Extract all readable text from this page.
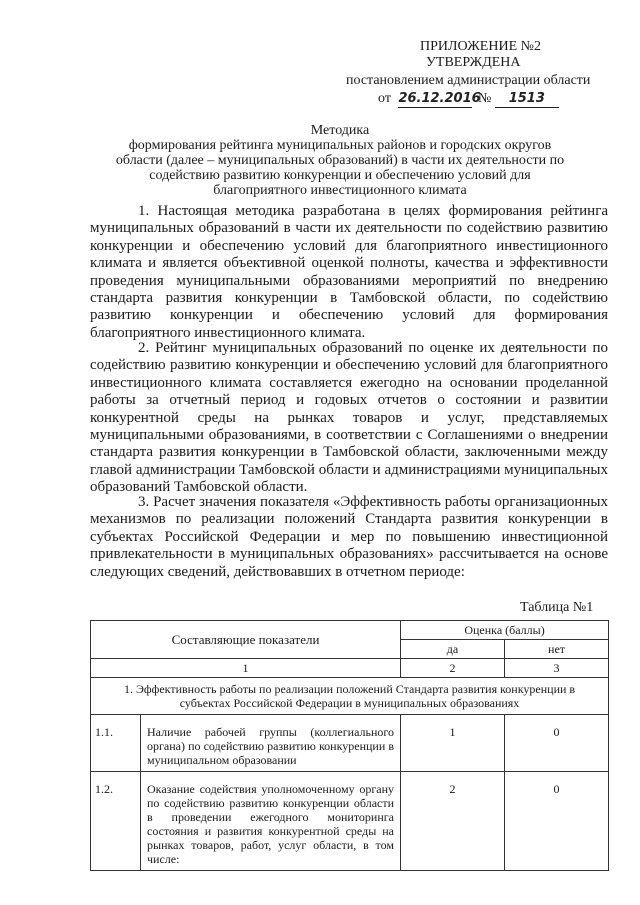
ПРИЛОЖЕНИЕ №2
УТВЕРЖДЕНА
постановлением администрации области
от 26.12.2016 № 1513
Методика
формирования рейтинга муниципальных районов и городских округов
области (далее – муниципальных образований) в части их деятельности по
содействию развитию конкуренции и обеспечению условий для
благоприятного инвестиционного климата
1. Настоящая методика разработана в целях формирования рейтинга муниципальных образований в части их деятельности по содействию развитию конкуренции и обеспечению условий для благоприятного инвестиционного климата и является объективной оценкой полноты, качества и эффективности проведения муниципальными образованиями мероприятий по внедрению стандарта развития конкуренции в Тамбовской области, по содействию развитию конкуренции и обеспечению условий для формирования благоприятного инвестиционного климата.
2. Рейтинг муниципальных образований по оценке их деятельности по содействию развитию конкуренции и обеспечению условий для благоприятного инвестиционного климата составляется ежегодно на основании проделанной работы за отчетный период и годовых отчетов о состоянии и развитии конкурентной среды на рынках товаров и услуг, представляемых муниципальными образованиями, в соответствии с Соглашениями о внедрении стандарта развития конкуренции в Тамбовской области, заключенными между главой администрации Тамбовской области и администрациями муниципальных образований Тамбовской области.
3. Расчет значения показателя «Эффективность работы организационных механизмов по реализации положений Стандарта развития конкуренции в субъектах Российской Федерации и мер по повышению инвестиционной привлекательности в муниципальных образованиях» рассчитывается на основе следующих сведений, действовавших в отчетном периоде:
Таблица №1
Составляющие показатели		Оценка (баллы)	
		да	нет
1		2	3
1. Эффективность работы по реализации положений Стандарта развития конкуренции в субъектах Российской Федерации в муниципальных образованиях			
1.1.	Наличие рабочей группы (коллегиального органа) по содействию развитию конкуренции в муниципальном образовании	1	0
1.2.	Оказание содействия уполномоченному органу по содействию развитию конкуренции области в проведении ежегодного мониторинга состояния и развития конкурентной среды на рынках товаров, работ, услуг области, в том числе:	2	0
